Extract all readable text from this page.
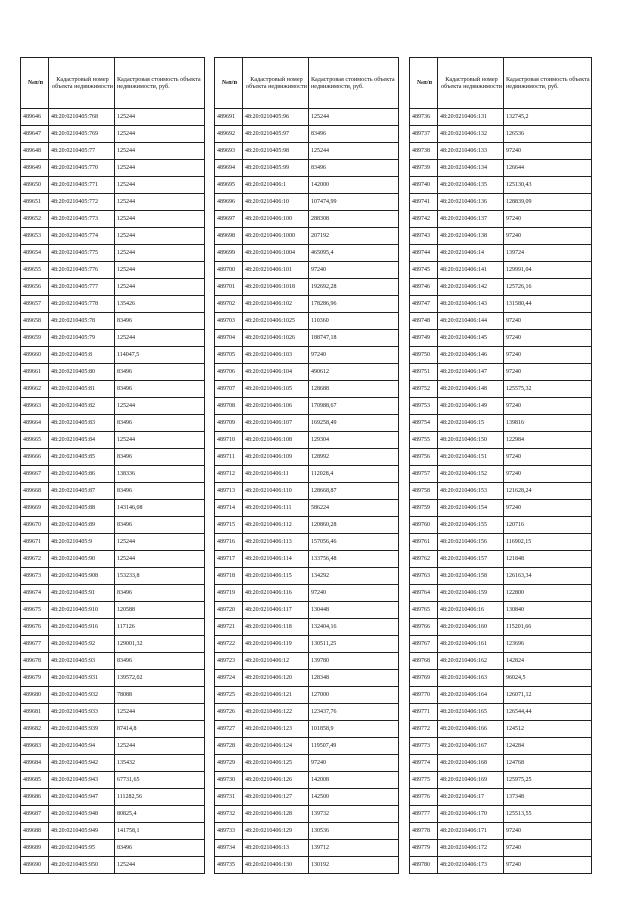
№п/п	Кадастровый номер объекта недвижимости	Кадастровая стоимость объекта недвижимости, руб.
489646	48:20:0210405:768	125244
489647	48:20:0210405:769	125244
489648	48:20:0210405:77	125244
489649	48:20:0210405:770	125244
489650	48:20:0210405:771	125244
489651	48:20:0210405:772	125244
489652	48:20:0210405:773	125244
489653	48:20:0210405:774	125244
489654	48:20:0210405:775	125244
489655	48:20:0210405:776	125244
489656	48:20:0210405:777	125244
489657	48:20:0210405:778	135426
489658	48:20:0210405:78	83496
489659	48:20:0210405:79	125244
489660	48:20:0210405:8	114047,5
489661	48:20:0210405:80	83496
489662	48:20:0210405:81	83496
489663	48:20:0210405:82	125244
489664	48:20:0210405:83	83496
489665	48:20:0210405:84	125244
489666	48:20:0210405:85	83496
489667	48:20:0210405:86	138336
489668	48:20:0210405:87	83496
489669	48:20:0210405:88	143146,08
489670	48:20:0210405:89	83496
489671	48:20:0210405:9	125244
489672	48:20:0210405:90	125244
489673	48:20:0210405:908	153233,8
489674	48:20:0210405:91	83496
489675	48:20:0210405:910	120588
489676	48:20:0210405:916	117126
489677	48:20:0210405:92	129001,32
489678	48:20:0210405:93	83496
489679	48:20:0210405:931	139572,02
489680	48:20:0210405:932	78088
489681	48:20:0210405:933	125244
489682	48:20:0210405:939	87414,8
489683	48:20:0210405:94	125244
489684	48:20:0210405:942	135432
489685	48:20:0210405:943	67731,65
489686	48:20:0210405:947	111282,56
489687	48:20:0210405:948	80825,4
489688	48:20:0210405:949	141758,1
489689	48:20:0210405:95	83496
489690	48:20:0210405:950	125244
№п/п	Кадастровый номер объекта недвижимости	Кадастровая стоимость объекта недвижимости, руб.
489691	48:20:0210405:96	125244
489692	48:20:0210405:97	83496
489693	48:20:0210405:98	125244
489694	48:20:0210405:99	83496
489695	48:20:0210406:1	142000
489696	48:20:0210406:10	107474,99
489697	48:20:0210406:100	288308
489698	48:20:0210406:1000	207192
489699	48:20:0210406:1004	465095,4
489700	48:20:0210406:101	97240
489701	48:20:0210406:1018	192692,28
489702	48:20:0210406:102	178286,96
489703	48:20:0210406:1025	110360
489704	48:20:0210406:1026	188747,18
489705	48:20:0210406:103	97240
489706	48:20:0210406:104	490612
489707	48:20:0210406:105	128688
489708	48:20:0210406:106	170988,67
489709	48:20:0210406:107	169258,49
489710	48:20:0210406:108	129304
489711	48:20:0210406:109	128992
489712	48:20:0210406:11	112028,4
489713	48:20:0210406:110	128668,87
489714	48:20:0210406:111	586224
489715	48:20:0210406:112	120860,28
489716	48:20:0210406:113	157056,46
489717	48:20:0210406:114	133756,48
489718	48:20:0210406:115	134292
489719	48:20:0210406:116	97240
489720	48:20:0210406:117	130448
489721	48:20:0210406:118	132404,16
489722	48:20:0210406:119	130511,25
489723	48:20:0210406:12	139780
489724	48:20:0210406:120	128348
489725	48:20:0210406:121	127000
489726	48:20:0210406:122	123437,76
489727	48:20:0210406:123	101858,9
489728	48:20:0210406:124	119507,49
489729	48:20:0210406:125	97240
489730	48:20:0210406:126	142008
489731	48:20:0210406:127	142500
489732	48:20:0210406:128	139732
489733	48:20:0210406:129	130536
489734	48:20:0210406:13	139712
489735	48:20:0210406:130	130192
№п/п	Кадастровый номер объекта недвижимости	Кадастровая стоимость объекта недвижимости, руб.
489736	48:20:0210406:131	132745,2
489737	48:20:0210406:132	126536
489738	48:20:0210406:133	97240
489739	48:20:0210406:134	126644
489740	48:20:0210406:135	125130,43
489741	48:20:0210406:136	128839,09
489742	48:20:0210406:137	97240
489743	48:20:0210406:138	97240
489744	48:20:0210406:14	139724
489745	48:20:0210406:141	129991,04
489746	48:20:0210406:142	125726,16
489747	48:20:0210406:143	131580,44
489748	48:20:0210406:144	97240
489749	48:20:0210406:145	97240
489750	48:20:0210406:146	97240
489751	48:20:0210406:147	97240
489752	48:20:0210406:148	125575,32
489753	48:20:0210406:149	97240
489754	48:20:0210406:15	139816
489755	48:20:0210406:150	122984
489756	48:20:0210406:151	97240
489757	48:20:0210406:152	97240
489758	48:20:0210406:153	121628,24
489759	48:20:0210406:154	97240
489760	48:20:0210406:155	120716
489761	48:20:0210406:156	116902,15
489762	48:20:0210406:157	121848
489763	48:20:0210406:158	126163,34
489764	48:20:0210406:159	122800
489765	48:20:0210406:16	130840
489766	48:20:0210406:160	115201,66
489767	48:20:0210406:161	123696
489768	48:20:0210406:162	142824
489769	48:20:0210406:163	96024,5
489770	48:20:0210406:164	126071,12
489771	48:20:0210406:165	126544,44
489772	48:20:0210406:166	124512
489773	48:20:0210406:167	124284
489774	48:20:0210406:168	124768
489775	48:20:0210406:169	125975,25
489776	48:20:0210406:17	137348
489777	48:20:0210406:170	125513,55
489778	48:20:0210406:171	97240
489779	48:20:0210406:172	97240
489780	48:20:0210406:173	97240
